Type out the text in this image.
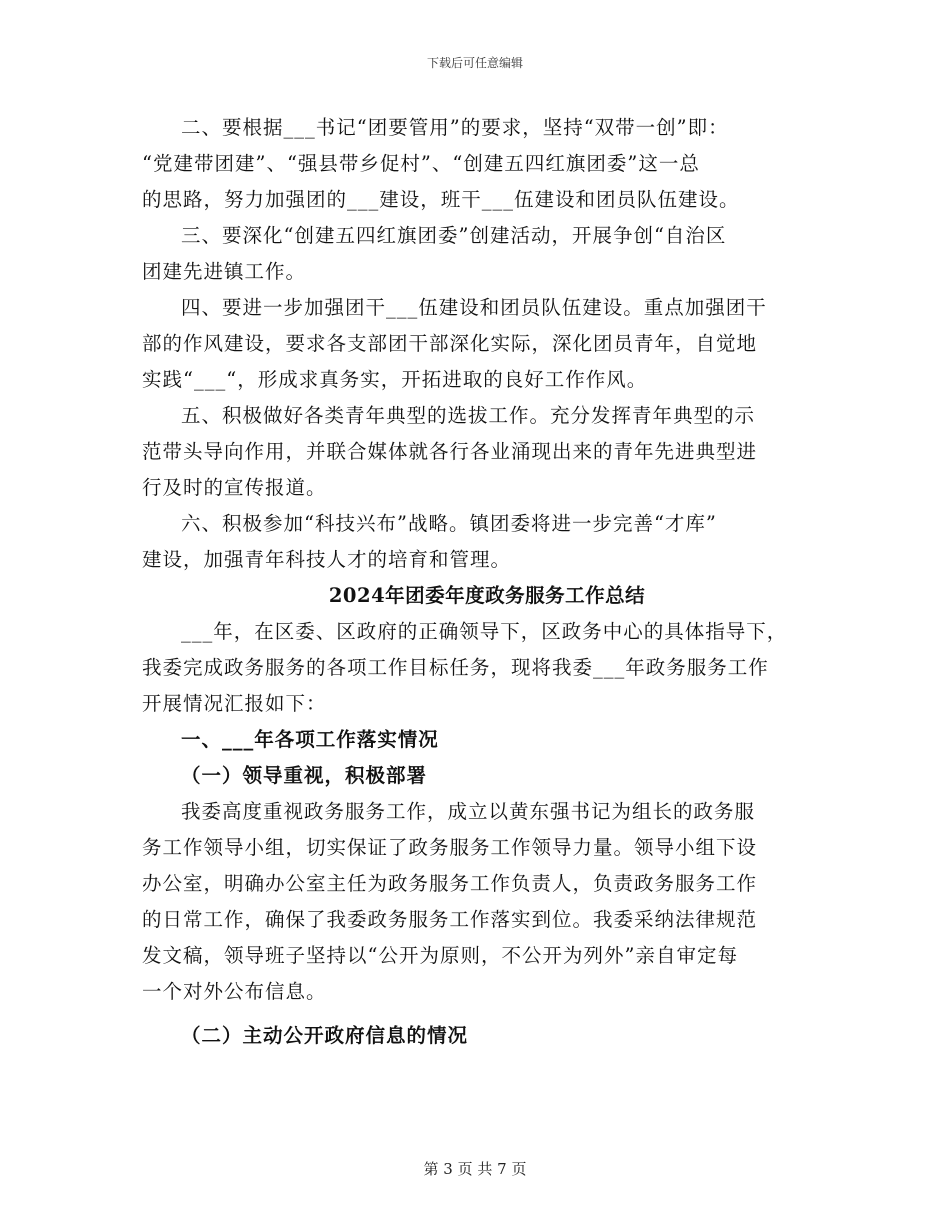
下载后可任意编辑
二、要根据___书记“团要管用”的要求，坚持“双带一创”即：
“党建带团建”、“强县带乡促村”、“创建五四红旗团委”这一总
的思路，努力加强团的___建设，班干___伍建设和团员队伍建设。
三、要深化“创建五四红旗团委”创建活动，开展争创“自治区
团建先进镇工作。
四、要进一步加强团干___伍建设和团员队伍建设。重点加强团干
部的作风建设，要求各支部团干部深化实际，深化团员青年，自觉地
实践“___“，形成求真务实，开拓进取的良好工作作风。
五、积极做好各类青年典型的选拔工作。充分发挥青年典型的示
范带头导向作用，并联合媒体就各行各业涌现出来的青年先进典型进
行及时的宣传报道。
六、积极参加“科技兴布”战略。镇团委将进一步完善“才库”
建设，加强青年科技人才的培育和管理。
2024年团委年度政务服务工作总结
___年，在区委、区政府的正确领导下，区政务中心的具体指导下，
我委完成政务服务的各项工作目标任务，现将我委___年政务服务工作
开展情况汇报如下：
一、___年各项工作落实情况
（一）领导重视，积极部署
我委高度重视政务服务工作，成立以黄东强书记为组长的政务服
务工作领导小组，切实保证了政务服务工作领导力量。领导小组下设
办公室，明确办公室主任为政务服务工作负责人，负责政务服务工作
的日常工作，确保了我委政务服务工作落实到位。我委采纳法律规范
发文稿，领导班子坚持以“公开为原则，不公开为列外”亲自审定每
一个对外公布信息。
（二）主动公开政府信息的情况
第 3 页 共 7 页
